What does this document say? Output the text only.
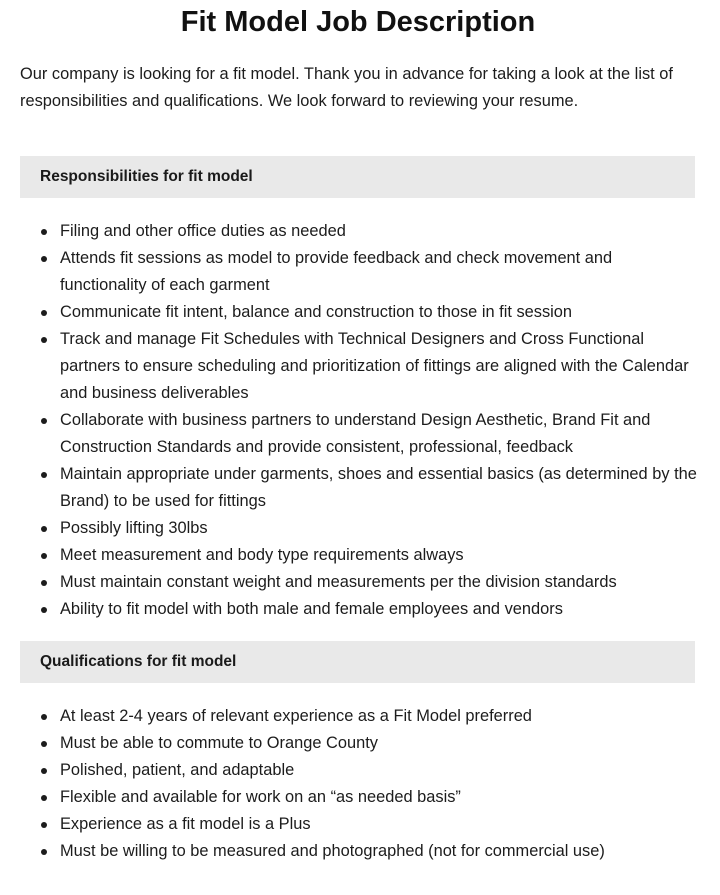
Fit Model Job Description

Our company is looking for a fit model. Thank you in advance for taking a look at the list of responsibilities and qualifications. We look forward to reviewing your resume.

Responsibilities for fit model
Filing and other office duties as needed
Attends fit sessions as model to provide feedback and check movement and functionality of each garment
Communicate fit intent, balance and construction to those in fit session
Track and manage Fit Schedules with Technical Designers and Cross Functional partners to ensure scheduling and prioritization of fittings are aligned with the Calendar and business deliverables
Collaborate with business partners to understand Design Aesthetic, Brand Fit and Construction Standards and provide consistent, professional, feedback
Maintain appropriate under garments, shoes and essential basics (as determined by the Brand) to be used for fittings
Possibly lifting 30lbs
Meet measurement and body type requirements always
Must maintain constant weight and measurements per the division standards
Ability to fit model with both male and female employees and vendors
Qualifications for fit model
At least 2-4 years of relevant experience as a Fit Model preferred
Must be able to commute to Orange County
Polished, patient, and adaptable
Flexible and available for work on an “as needed basis”
Experience as a fit model is a Plus
Must be willing to be measured and photographed (not for commercial use)
